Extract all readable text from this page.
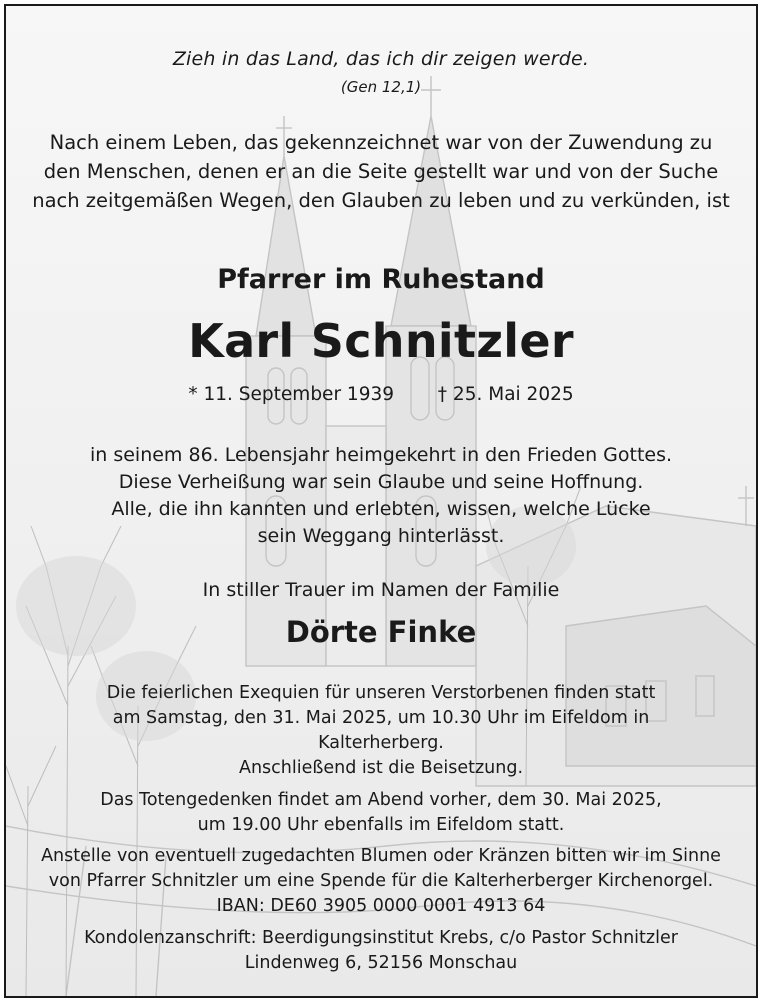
Zieh in das Land, das ich dir zeigen werde.
(Gen 12,1)
Nach einem Leben, das gekennzeichnet war von der Zuwendung zu
den Menschen, denen er an die Seite gestellt war und von der Suche
nach zeitgemäßen Wegen, den Glauben zu leben und zu verkünden, ist
Pfarrer im Ruhestand
Karl Schnitzler
* 11. September 1939 † 25. Mai 2025
in seinem 86. Lebensjahr heimgekehrt in den Frieden Gottes.
Diese Verheißung war sein Glaube und seine Hoffnung.
Alle, die ihn kannten und erlebten, wissen, welche Lücke
sein Weggang hinterlässt.
In stiller Trauer im Namen der Familie
Dörte Finke
Die feierlichen Exequien für unseren Verstorbenen finden statt
am Samstag, den 31. Mai 2025, um 10.30 Uhr im Eifeldom in
Kalterherberg.
Anschließend ist die Beisetzung.
Das Totengedenken findet am Abend vorher, dem 30. Mai 2025,
um 19.00 Uhr ebenfalls im Eifeldom statt.
Anstelle von eventuell zugedachten Blumen oder Kränzen bitten wir im Sinne
von Pfarrer Schnitzler um eine Spende für die Kalterherberger Kirchenorgel.
IBAN: DE60 3905 0000 0001 4913 64
Kondolenzanschrift: Beerdigungsinstitut Krebs, c/o Pastor Schnitzler
Lindenweg 6, 52156 Monschau
